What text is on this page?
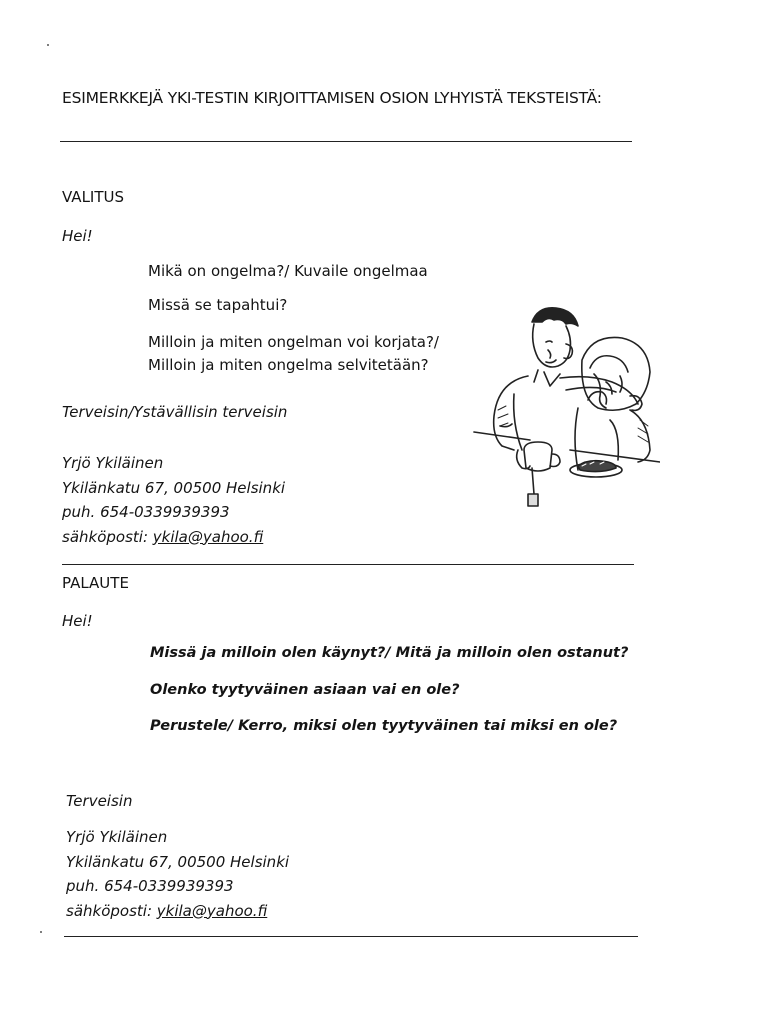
ESIMERKKEJÄ YKI-TESTIN KIRJOITTAMISEN OSION LYHYISTÄ TEKSTEISTÄ:
VALITUS
Hei!
Mikä on ongelma?/ Kuvaile ongelmaa
Missä se tapahtui?
Milloin ja miten ongelman voi korjata?/
Milloin ja miten ongelma selvitetään?
Terveisin/Ystävällisin terveisin
Yrjö Ykiläinen
Ykilänkatu 67, 00500 Helsinki
puh. 654-0339939393
sähköposti: ykila@yahoo.fi
PALAUTE
Hei!
Missä ja milloin olen käynyt?/ Mitä ja milloin olen ostanut?
Olenko tyytyväinen asiaan vai en ole?
Perustele/ Kerro, miksi olen tyytyväinen tai miksi en ole?
Terveisin
Yrjö Ykiläinen
Ykilänkatu 67, 00500 Helsinki
puh. 654-0339939393
sähköposti: ykila@yahoo.fi
